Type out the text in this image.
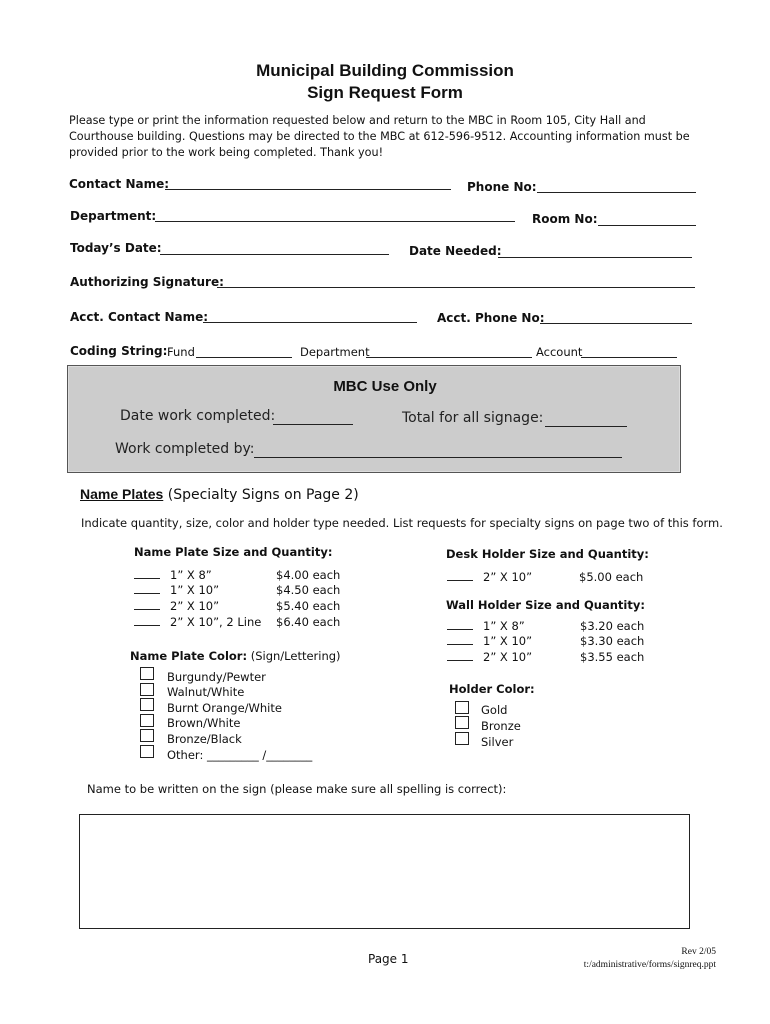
Municipal Building Commission
Sign Request Form
Please type or print the information requested below and return to the MBC in Room 105, City Hall and Courthouse building. Questions may be directed to the MBC at 612-596-9512. Accounting information must be provided prior to the work being completed. Thank you!
Contact Name:	Phone No:
Department:	Room No:
Today’s Date:	Date Needed:
Authorizing Signature:
Acct. Contact Name:	Acct. Phone No:
Coding String: Fund	Department	Account
MBC Use Only
Date work completed:	Total for all signage:
Work completed by:
Name Plates (Specialty Signs on Page 2)
Indicate quantity, size, color and holder type needed. List requests for specialty signs on page two of this form.
Name Plate Size and Quantity:
1” X 8”	$4.00 each
1” X 10”	$4.50 each
2” X 10”	$5.40 each
2” X 10”, 2 Line $6.40 each
Name Plate Color: (Sign/Lettering)
Burgundy/Pewter
Walnut/White
Burnt Orange/White
Brown/White
Bronze/Black
Other: _________ /________
Desk Holder Size and Quantity:
2” X 10”	$5.00 each
Wall Holder Size and Quantity:
1” X 8”	$3.20 each
1” X 10”	$3.30 each
2” X 10”	$3.55 each
Holder Color:
Gold
Bronze
Silver
Name to be written on the sign (please make sure all spelling is correct):
Page 1	Rev 2/05
t:/administrative/forms/signreq.ppt
